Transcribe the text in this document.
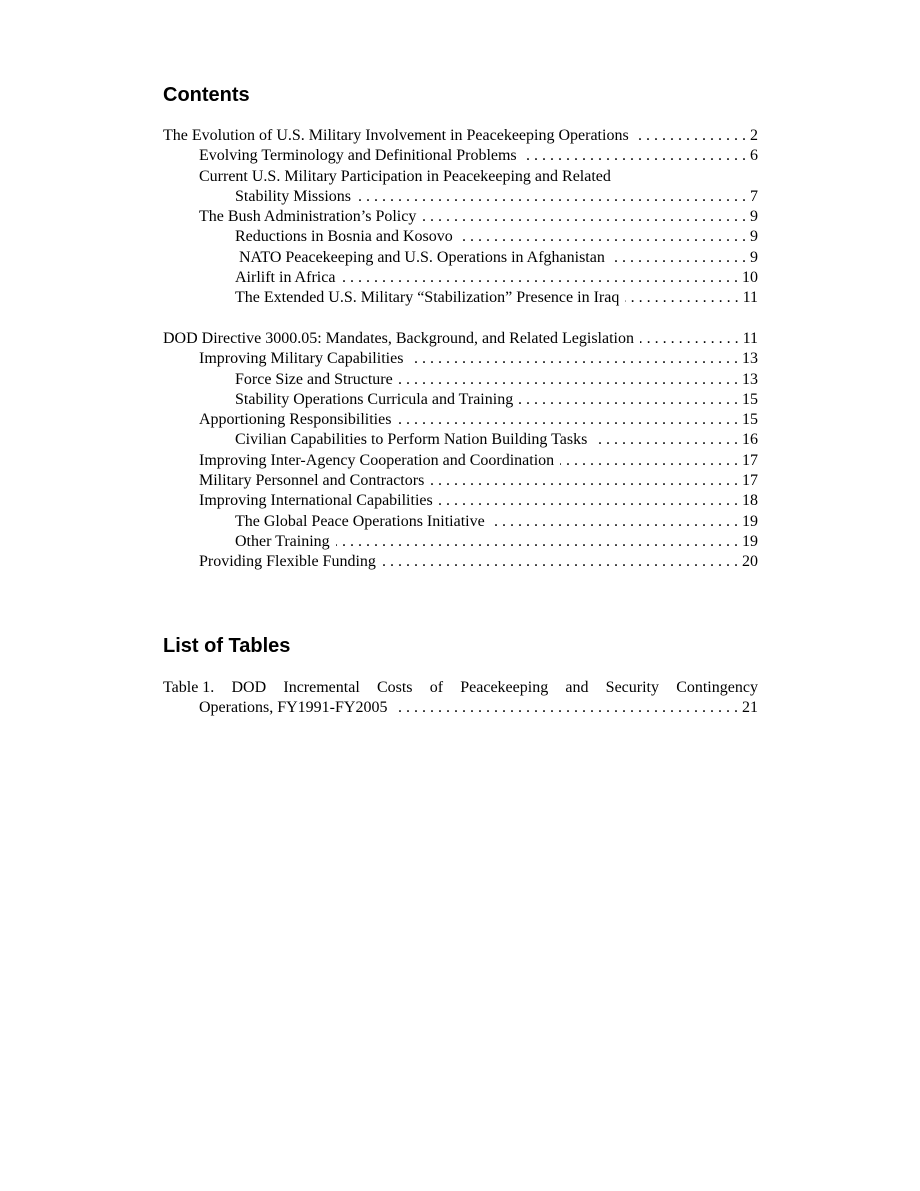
Contents
The Evolution of U.S. Military Involvement in Peacekeeping Operations . . .	2
Evolving Terminology and Definitional Problems . . .	6
Current U.S. Military Participation in Peacekeeping and Related
Stability Missions . . .	7
The Bush Administration’s Policy . . .	9
Reductions in Bosnia and Kosovo . . .	9
NATO Peacekeeping and U.S. Operations in Afghanistan . . .	9
Airlift in Africa . . .	10
The Extended U.S. Military “Stabilization” Presence in Iraq . . .	11
DOD Directive 3000.05: Mandates, Background, and Related Legislation . . .	11
Improving Military Capabilities . . .	13
Force Size and Structure . . .	13
Stability Operations Curricula and Training . . .	15
Apportioning Responsibilities . . .	15
Civilian Capabilities to Perform Nation Building Tasks . . .	16
Improving Inter-Agency Cooperation and Coordination . . .	17
Military Personnel and Contractors . . .	17
Improving International Capabilities . . .	18
The Global Peace Operations Initiative . . .	19
Other Training . . .	19
Providing Flexible Funding . . .	20
List of Tables
Table 1. DOD Incremental Costs of Peacekeeping and Security Contingency
Operations, FY1991-FY2005 . . .	21
